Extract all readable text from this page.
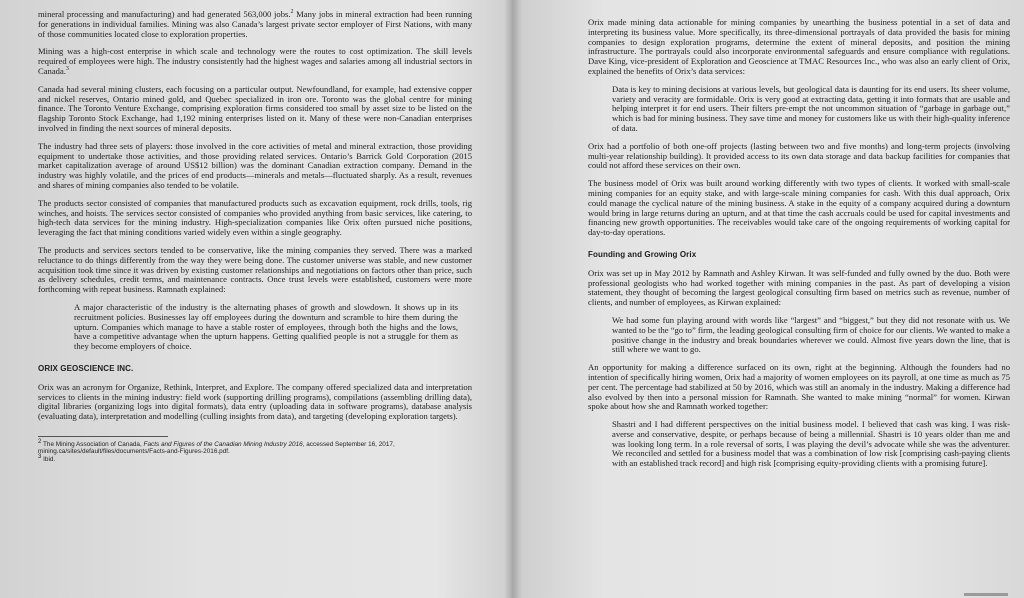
mineral processing and manufacturing) and had generated 563,000 jobs.$^2$ Many jobs in mineral extraction had been running for generations in individual families. Mining was also Canada’s largest private sector employer of First Nations, with many of those communities located close to exploration properties.

Mining was a high-cost enterprise in which scale and technology were the routes to cost optimization. The skill levels required of employees were high. The industry consistently had the highest wages and salaries among all industrial sectors in Canada.$^3$

Canada had several mining clusters, each focusing on a particular output. Newfoundland, for example, had extensive copper and nickel reserves, Ontario mined gold, and Quebec specialized in iron ore. Toronto was the global centre for mining finance. The Toronto Venture Exchange, comprising exploration firms considered too small by asset size to be listed on the flagship Toronto Stock Exchange, had 1,192 mining enterprises listed on it. Many of these were non-Canadian enterprises involved in finding the next sources of mineral deposits.

The industry had three sets of players: those involved in the core activities of metal and mineral extraction, those providing equipment to undertake those activities, and those providing related services. Ontario’s Barrick Gold Corporation (2015 market capitalization average of around US$12 billion) was the dominant Canadian extraction company. Demand in the industry was highly volatile, and the prices of end products—minerals and metals—fluctuated sharply. As a result, revenues and shares of mining companies also tended to be volatile.

The products sector consisted of companies that manufactured products such as excavation equipment, rock drills, tools, rig winches, and hoists. The services sector consisted of companies who provided anything from basic services, like catering, to high-tech data services for the mining industry. High-specialization companies like Orix often pursued niche positions, leveraging the fact that mining conditions varied widely even within a single geography.

The products and services sectors tended to be conservative, like the mining companies they served. There was a marked reluctance to do things differently from the way they were being done. The customer universe was stable, and new customer acquisition took time since it was driven by existing customer relationships and negotiations on factors other than price, such as delivery schedules, credit terms, and maintenance contracts. Once trust levels were established, customers were more forthcoming with repeat business. Ramnath explained:

A major characteristic of the industry is the alternating phases of growth and slowdown. It shows up in its recruitment policies. Businesses lay off employees during the downturn and scramble to hire them during the upturn. Companies which manage to have a stable roster of employees, through both the highs and the lows, have a competitive advantage when the upturn happens. Getting qualified people is not a struggle for them as they become employers of choice.

ORIX GEOSCIENCE INC.

Orix was an acronym for Organize, Rethink, Interpret, and Explore. The company offered specialized data and interpretation services to clients in the mining industry: field work (supporting drilling programs), compilations (assembling drilling data), digital libraries (organizing logs into digital formats), data entry (uploading data in software programs), database analysis (evaluating data), interpretation and modelling (culling insights from data), and targeting (developing exploration targets).

$^2$ The Mining Association of Canada, Facts and Figures of the Canadian Mining Industry 2016, accessed September 16, 2017, mining.ca/sites/default/files/documents/Facts-and-Figures-2016.pdf.

$^3$ Ibid.

Orix made mining data actionable for mining companies by unearthing the business potential in a set of data and interpreting its business value. More specifically, its three-dimensional portrayals of data provided the basis for mining companies to design exploration programs, determine the extent of mineral deposits, and position the mining infrastructure. The portrayals could also incorporate environmental safeguards and ensure compliance with regulations. Dave King, vice-president of Exploration and Geoscience at TMAC Resources Inc., who was also an early client of Orix, explained the benefits of Orix’s data services:

Data is key to mining decisions at various levels, but geological data is daunting for its end users. Its sheer volume, variety and veracity are formidable. Orix is very good at extracting data, getting it into formats that are usable and helping interpret it for end users. Their filters pre-empt the not uncommon situation of “garbage in garbage out,” which is bad for mining business. They save time and money for customers like us with their high-quality inference of data.

Orix had a portfolio of both one-off projects (lasting between two and five months) and long-term projects (involving multi-year relationship building). It provided access to its own data storage and data backup facilities for companies that could not afford these services on their own.

The business model of Orix was built around working differently with two types of clients. It worked with small-scale mining companies for an equity stake, and with large-scale mining companies for cash. With this dual approach, Orix could manage the cyclical nature of the mining business. A stake in the equity of a company acquired during a downturn would bring in large returns during an upturn, and at that time the cash accruals could be used for capital investments and financing new growth opportunities. The receivables would take care of the ongoing requirements of working capital for day-to-day operations.

Founding and Growing Orix

Orix was set up in May 2012 by Ramnath and Ashley Kirwan. It was self-funded and fully owned by the duo. Both were professional geologists who had worked together with mining companies in the past. As part of developing a vision statement, they thought of becoming the largest geological consulting firm based on metrics such as revenue, number of clients, and number of employees, as Kirwan explained:

We had some fun playing around with words like “largest” and “biggest,” but they did not resonate with us. We wanted to be the “go to” firm, the leading geological consulting firm of choice for our clients. We wanted to make a positive change in the industry and break boundaries wherever we could. Almost five years down the line, that is still where we want to go.

An opportunity for making a difference surfaced on its own, right at the beginning. Although the founders had no intention of specifically hiring women, Orix had a majority of women employees on its payroll, at one time as much as 75 per cent. The percentage had stabilized at 50 by 2016, which was still an anomaly in the industry. Making a difference had also evolved by then into a personal mission for Ramnath. She wanted to make mining “normal” for women. Kirwan spoke about how she and Ramnath worked together:

Shastri and I had different perspectives on the initial business model. I believed that cash was king. I was risk-averse and conservative, despite, or perhaps because of being a millennial. Shastri is 10 years older than me and was looking long term. In a role reversal of sorts, I was playing the devil’s advocate while she was the adventurer. We reconciled and settled for a business model that was a combination of low risk [comprising cash-paying clients with an established track record] and high risk [comprising equity-providing clients with a promising future].
